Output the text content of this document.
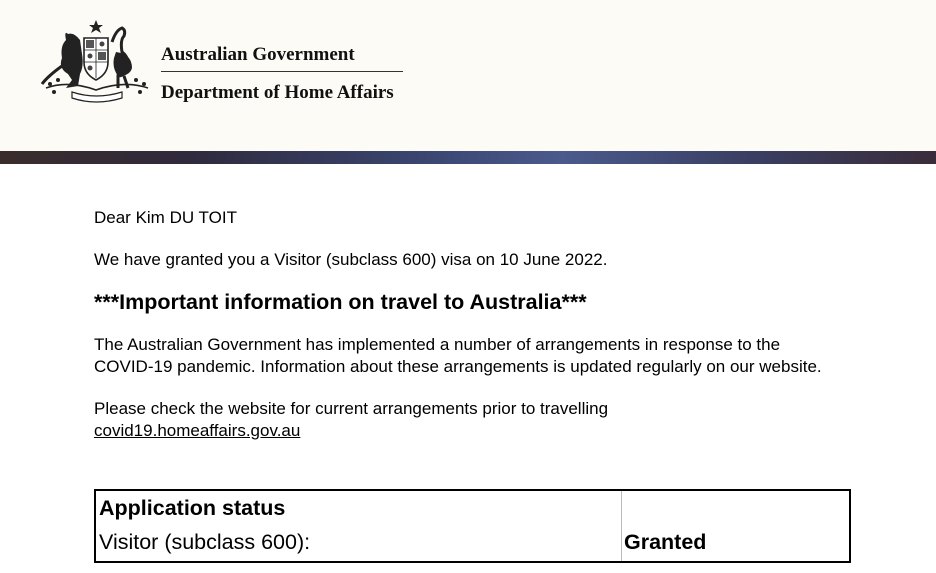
Australian Government
Department of Home Affairs

Dear Kim DU TOIT

We have granted you a Visitor (subclass 600) visa on 10 June 2022.

***Important information on travel to Australia***

The Australian Government has implemented a number of arrangements in response to the COVID-19 pandemic. Information about these arrangements is updated regularly on our website.

Please check the website for current arrangements prior to travelling

covid19.homeaffairs.gov.au
Application status
Visitor (subclass 600):	Granted
